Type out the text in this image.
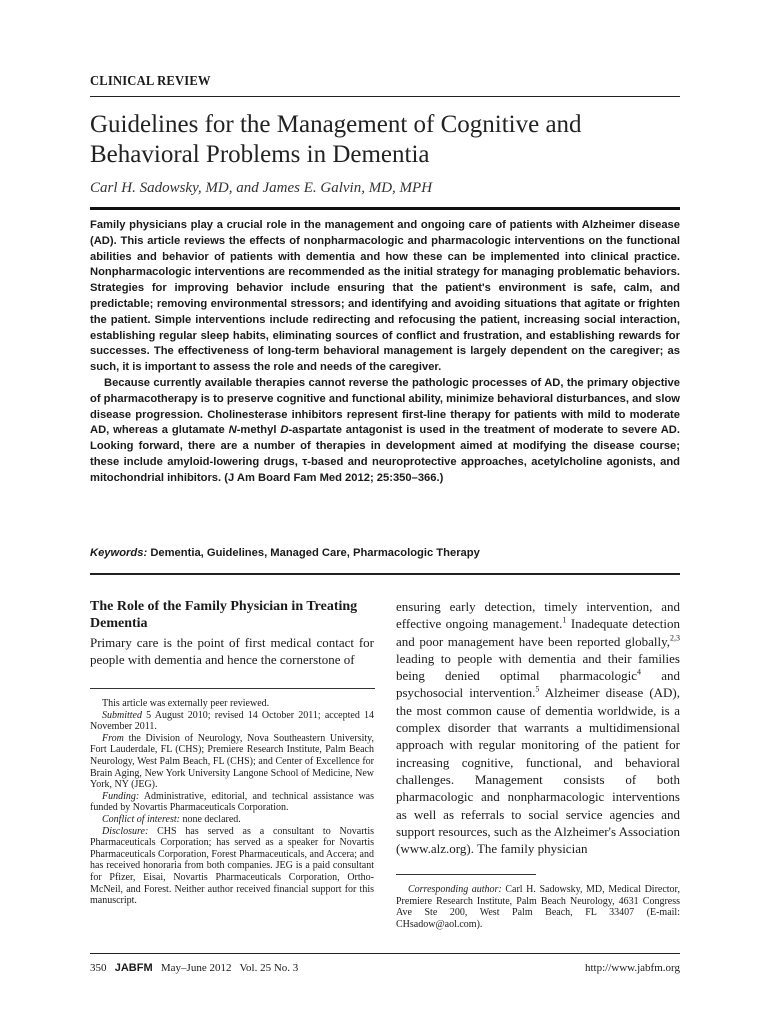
CLINICAL REVIEW
Guidelines for the Management of Cognitive and Behavioral Problems in Dementia
Carl H. Sadowsky, MD, and James E. Galvin, MD, MPH

Family physicians play a crucial role in the management and ongoing care of patients with Alzheimer disease (AD). This article reviews the effects of nonpharmacologic and pharmacologic interventions on the functional abilities and behavior of patients with dementia and how these can be implemented into clinical practice. Nonpharmacologic interventions are recommended as the initial strategy for managing problematic behaviors. Strategies for improving behavior include ensuring that the patient's environment is safe, calm, and predictable; removing environmental stressors; and identifying and avoiding situations that agitate or frighten the patient. Simple interventions include redirecting and refocusing the patient, increasing social interaction, establishing regular sleep habits, eliminating sources of conflict and frustration, and establishing rewards for successes. The effectiveness of long-term behavioral management is largely dependent on the caregiver; as such, it is important to assess the role and needs of the caregiver.

Because currently available therapies cannot reverse the pathologic processes of AD, the primary objective of pharmacotherapy is to preserve cognitive and functional ability, minimize behavioral disturbances, and slow disease progression. Cholinesterase inhibitors represent first-line therapy for patients with mild to moderate AD, whereas a glutamate N-methyl D-aspartate antagonist is used in the treatment of moderate to severe AD. Looking forward, there are a number of therapies in development aimed at modifying the disease course; these include amyloid-lowering drugs, τ-based and neuroprotective approaches, acetylcholine agonists, and mitochondrial inhibitors. (J Am Board Fam Med 2012; 25:350–366.)

Keywords: Dementia, Guidelines, Managed Care, Pharmacologic Therapy
The Role of the Family Physician in Treating Dementia

Primary care is the point of first medical contact for people with dementia and hence the cornerstone of

This article was externally peer reviewed.

Submitted 5 August 2010; revised 14 October 2011; accepted 14 November 2011.

From the Division of Neurology, Nova Southeastern University, Fort Lauderdale, FL (CHS); Premiere Research Institute, Palm Beach Neurology, West Palm Beach, FL (CHS); and Center of Excellence for Brain Aging, New York University Langone School of Medicine, New York, NY (JEG).

Funding: Administrative, editorial, and technical assistance was funded by Novartis Pharmaceuticals Corporation.

Conflict of interest: none declared.

Disclosure: CHS has served as a consultant to Novartis Pharmaceuticals Corporation; has served as a speaker for Novartis Pharmaceuticals Corporation, Forest Pharmaceuticals, and Accera; and has received honoraria from both companies. JEG is a paid consultant for Pfizer, Eisai, Novartis Pharmaceuticals Corporation, Ortho-McNeil, and Forest. Neither author received financial support for this manuscript.

ensuring early detection, timely intervention, and effective ongoing management.$^1$ Inadequate detection and poor management have been reported globally,$^{2,3}$ leading to people with dementia and their families being denied optimal pharmacologic$^4$ and psychosocial intervention.$^5$ Alzheimer disease (AD), the most common cause of dementia worldwide, is a complex disorder that warrants a multidimensional approach with regular monitoring of the patient for increasing cognitive, functional, and behavioral challenges. Management consists of both pharmacologic and nonpharmacologic interventions as well as referrals to social service agencies and support resources, such as the Alzheimer's Association (www.alz.org). The family physician

Corresponding author: Carl H. Sadowsky, MD, Medical Director, Premiere Research Institute, Palm Beach Neurology, 4631 Congress Ave Ste 200, West Palm Beach, FL 33407 (E-mail: CHsadow@aol.com).

350 JABFM May–June 2012   Vol. 25 No. 3	http://www.jabfm.org
